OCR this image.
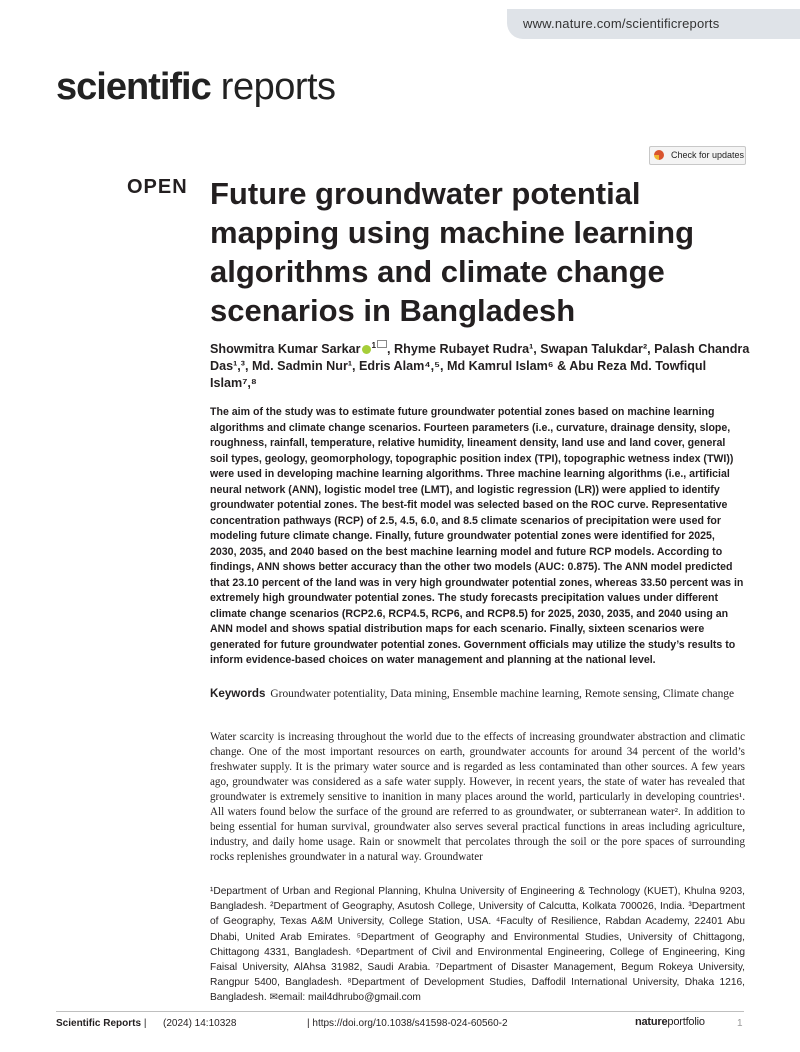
www.nature.com/scientificreports
scientific reports
Check for updates
OPEN Future groundwater potential mapping using machine learning algorithms and climate change scenarios in Bangladesh
Showmitra Kumar Sarkar $^1$ , Rhyme Rubayet Rudra¹, Swapan Talukdar², Palash Chandra Das¹,³, Md. Sadmin Nur¹, Edris Alam⁴,⁵, Md Kamrul Islam⁶ & Abu Reza Md. Towfiqul Islam⁷,⁸
The aim of the study was to estimate future groundwater potential zones based on machine learning algorithms and climate change scenarios. Fourteen parameters (i.e., curvature, drainage density, slope, roughness, rainfall, temperature, relative humidity, lineament density, land use and land cover, general soil types, geology, geomorphology, topographic position index (TPI), topographic wetness index (TWI)) were used in developing machine learning algorithms. Three machine learning algorithms (i.e., artificial neural network (ANN), logistic model tree (LMT), and logistic regression (LR)) were applied to identify groundwater potential zones. The best-fit model was selected based on the ROC curve. Representative concentration pathways (RCP) of 2.5, 4.5, 6.0, and 8.5 climate scenarios of precipitation were used for modeling future climate change. Finally, future groundwater potential zones were identified for 2025, 2030, 2035, and 2040 based on the best machine learning model and future RCP models. According to findings, ANN shows better accuracy than the other two models (AUC: 0.875). The ANN model predicted that 23.10 percent of the land was in very high groundwater potential zones, whereas 33.50 percent was in extremely high groundwater potential zones. The study forecasts precipitation values under different climate change scenarios (RCP2.6, RCP4.5, RCP6, and RCP8.5) for 2025, 2030, 2035, and 2040 using an ANN model and shows spatial distribution maps for each scenario. Finally, sixteen scenarios were generated for future groundwater potential zones. Government officials may utilize the study’s results to inform evidence-based choices on water management and planning at the national level.
Keywords Groundwater potentiality, Data mining, Ensemble machine learning, Remote sensing, Climate change
Water scarcity is increasing throughout the world due to the effects of increasing groundwater abstraction and climatic change. One of the most important resources on earth, groundwater accounts for around 34 percent of the world’s freshwater supply. It is the primary water source and is regarded as less contaminated than other sources. A few years ago, groundwater was considered as a safe water supply. However, in recent years, the state of water has revealed that groundwater is extremely sensitive to inanition in many places around the world, particularly in developing countries¹. All waters found below the surface of the ground are referred to as groundwater, or subterranean water². In addition to being essential for human survival, groundwater also serves several practical functions in areas including agriculture, industry, and daily home usage. Rain or snowmelt that percolates through the soil or the pore spaces of surrounding rocks replenishes groundwater in a natural way. Groundwater
¹Department of Urban and Regional Planning, Khulna University of Engineering & Technology (KUET), Khulna 9203, Bangladesh. ²Department of Geography, Asutosh College, University of Calcutta, Kolkata 700026, India. ³Department of Geography, Texas A&M University, College Station, USA. ⁴Faculty of Resilience, Rabdan Academy, 22401 Abu Dhabi, United Arab Emirates. ⁵Department of Geography and Environmental Studies, University of Chittagong, Chittagong 4331, Bangladesh. ⁶Department of Civil and Environmental Engineering, College of Engineering, King Faisal University, AlAhsa 31982, Saudi Arabia. ⁷Department of Disaster Management, Begum Rokeya University, Rangpur 5400, Bangladesh. ⁸Department of Development Studies, Daffodil International University, Dhaka 1216, Bangladesh. ✉email: mail4dhrubo@gmail.com
Scientific Reports | (2024) 14:10328	| https://doi.org/10.1038/s41598-024-60560-2	natureportfolio	1
